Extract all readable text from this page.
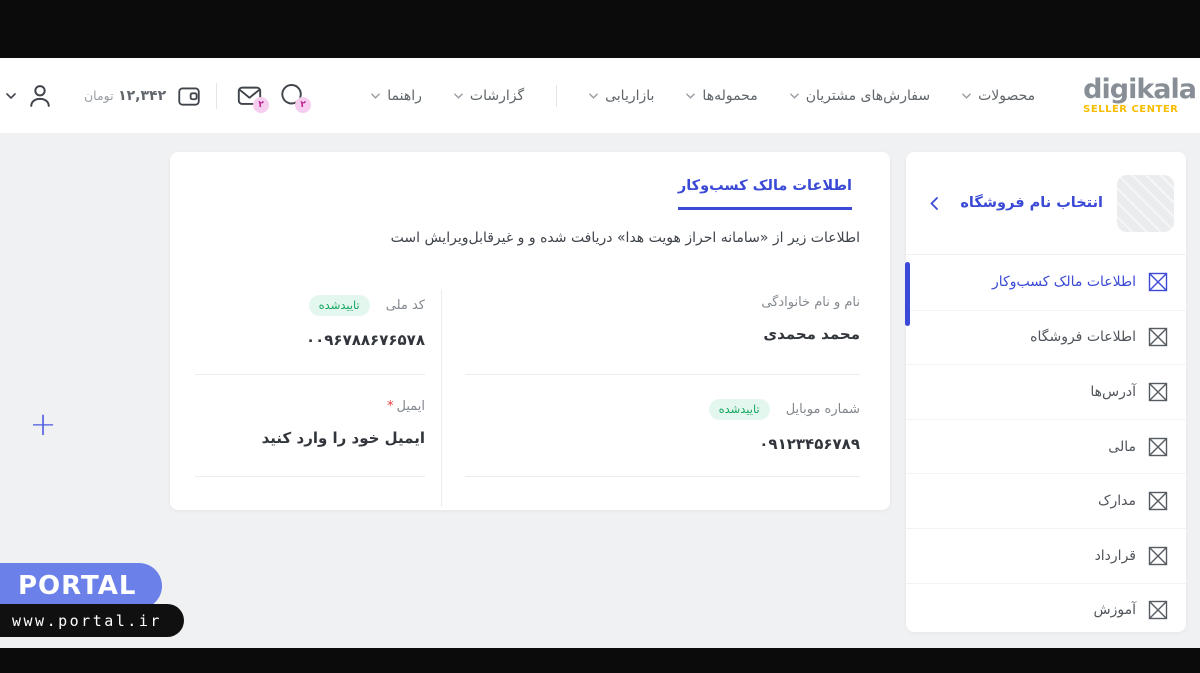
digikala
SELLER CENTER
محصولات
سفارش‌های مشتریان
محموله‌ها
بازاریابی
گزارشات
راهنما
۱۲,۳۴۲ تومان
۲	۲
اطلاعات مالک کسب‌وکار
اطلاعات زیر از «سامانه احراز هویت هدا» دریافت شده و و غیرقابل‌ویرایش است
نام و نام خانوادگی
محمد محمدی
کد ملی
تاییدشده
۰۰۹۶۷۸۸۶۷۶۵۷۸
شماره موبایل
تاییدشده
۰۹۱۲۳۴۵۶۷۸۹
ایمیل*
ایمیل خود را وارد کنید
انتخاب نام فروشگاه
اطلاعات مالک کسب‌وکار
اطلاعات فروشگاه
آدرس‌ها
مالی
مدارک
قرارداد
آموزش
+
PORTAL
www.portal.ir
